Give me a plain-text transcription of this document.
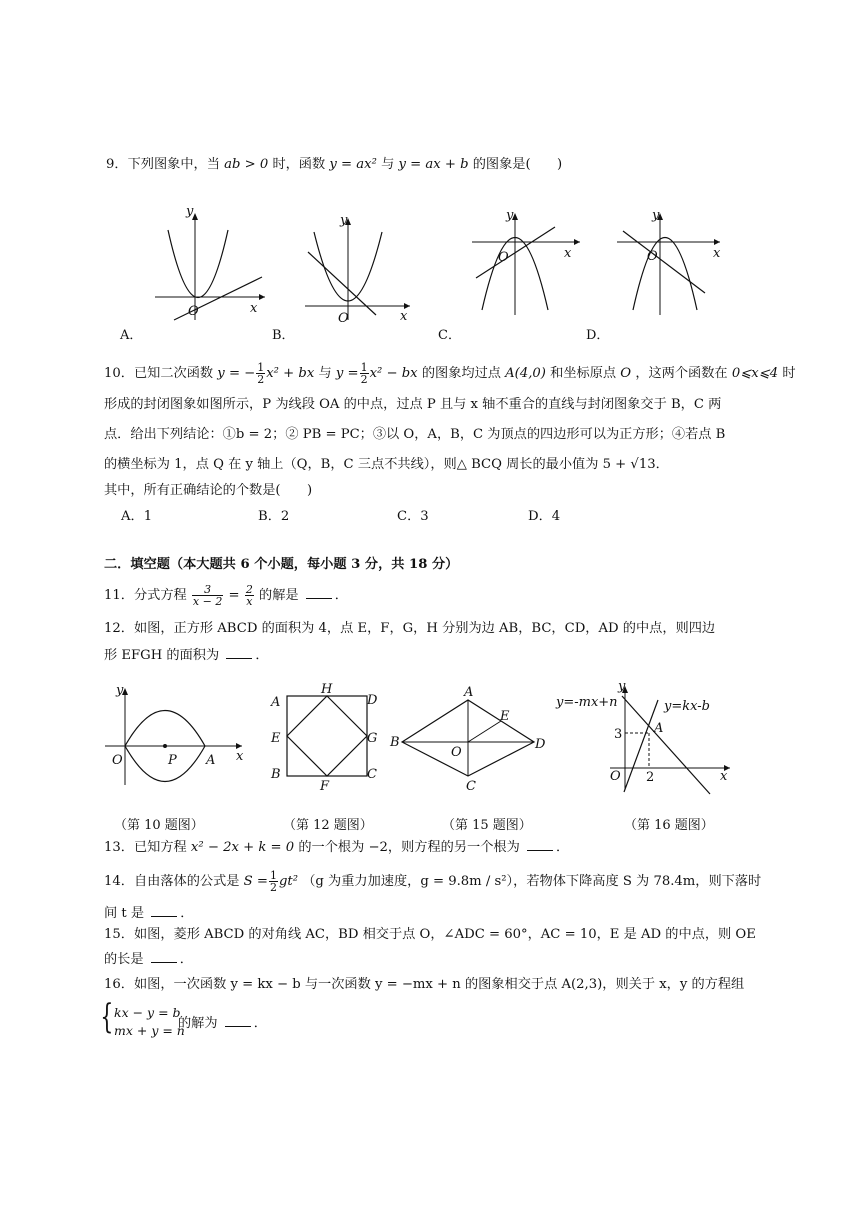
9．下列图象中，当 ab > 0 时，函数 y = ax² 与 y = ax + b 的图象是(　　)
y
O	x
A．
y
O	x
B．
y
O	x
C．
y
O	x
D．
10．已知二次函数 y = − $\frac{1}{2} x^2$ + bx 与 $y = \frac{1}{2} x^2$ − bx 的图象均过点 A(4,0) 和坐标原点 O ，这两个函数在 0⩽x⩽4 时
形成的封闭图象如图所示，P 为线段 OA 的中点，过点 P 且与 x 轴不重合的直线与封闭图象交于 B，C 两
点．给出下列结论：①b = 2；② PB = PC；③以 O，A，B，C 为顶点的四边形可以为正方形；④若点 B
的横坐标为 1，点 Q 在 y 轴上（Q，B，C 三点不共线），则△ BCQ 周长的最小值为 5 + √13．
其中，所有正确结论的个数是(　　)
A．1	B．2	C．3	D．4
二．填空题（本大题共 6 个小题，每小题 3 分，共 18 分）
11．分式方程 $\frac{3}{x - 2} = \frac{2}{x}$ 的解是	．
12．如图，正方形 ABCD 的面积为 4，点 E，F，G，H 分别为边 AB，BC，CD，AD 的中点，则四边
形 EFGH 的面积为	．
y
O	P A x
H
D
A
E	G
B
F
C
A
E
B
O
D
C
y
y=-mx+n	y=kx-b
3 A
O 2	x
（第 10 题图）	（第 12 题图）	（第 15 题图）	（第 16 题图）
13．已知方程 x² − 2x + k = 0 的一个根为 −2，则方程的另一个根为	．
14．自由落体的公式是 $S = \frac{1}{2} gt^2$ （g 为重力加速度，g = 9.8m / s²），若物体下降高度 S 为 78.4m，则下落时
间 t 是	．
15．如图，菱形 ABCD 的对角线 AC，BD 相交于点 O，∠ADC = 60°，AC = 10，E 是 AD 的中点，则 OE
的长是	．
16．如图，一次函数 y = kx − b 与一次函数 y = −mx + n 的图象相交于点 A(2,3)，则关于 x，y 的方程组
{ kx − y = b
mx + y = n
的解为	．
